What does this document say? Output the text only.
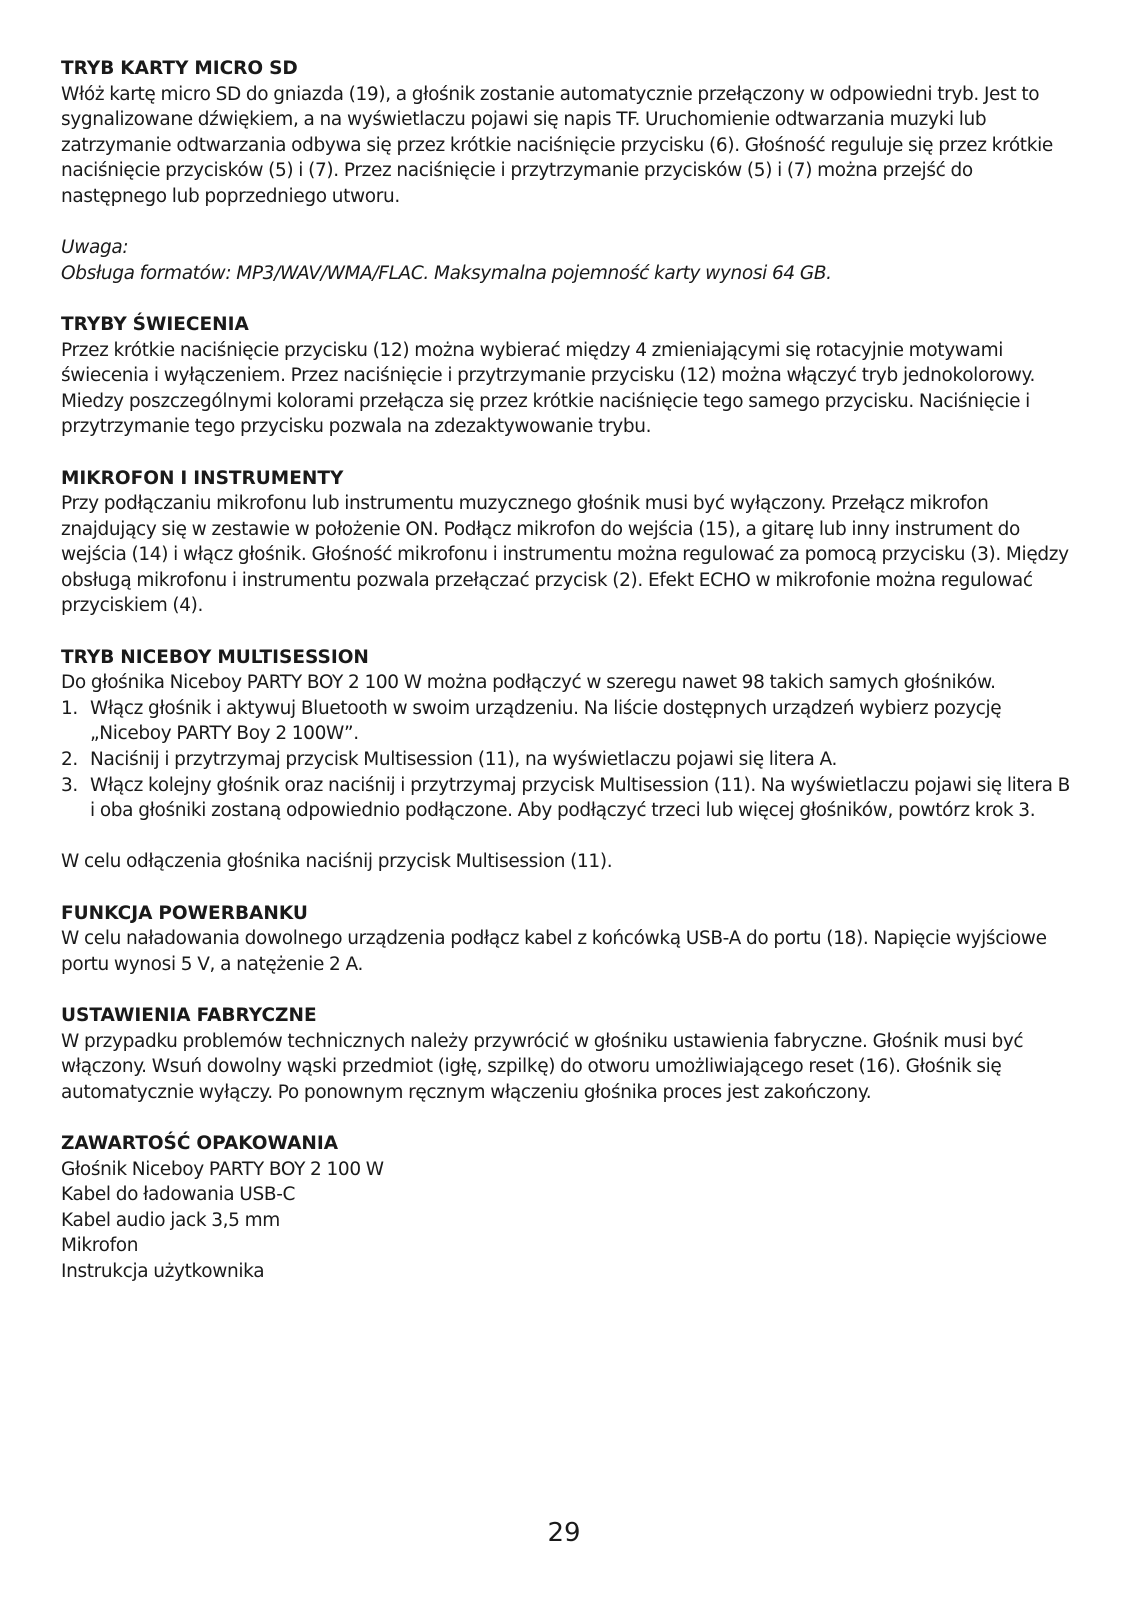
TRYB KARTY MICRO SD

Włóż kartę micro SD do gniazda (19), a głośnik zostanie automatycznie przełączony w odpowiedni tryb. Jest to sygnalizowane dźwiękiem, a na wyświetlaczu pojawi się napis TF. Uruchomienie odtwarzania muzyki lub zatrzymanie odtwarzania odbywa się przez krótkie naciśnięcie przycisku (6). Głośność reguluje się przez krótkie naciśnięcie przycisków (5) i (7). Przez naciśnięcie i przytrzymanie przycisków (5) i (7) można przejść do następnego lub poprzedniego utworu.

Uwaga:

Obsługa formatów: MP3/WAV/WMA/FLAC. Maksymalna pojemność karty wynosi 64 GB.

TRYBY ŚWIECENIA

Przez krótkie naciśnięcie przycisku (12) można wybierać między 4 zmieniającymi się rotacyjnie motywami świecenia i wyłączeniem. Przez naciśnięcie i przytrzymanie przycisku (12) można włączyć tryb jednokolorowy. Miedzy poszczególnymi kolorami przełącza się przez krótkie naciśnięcie tego samego przycisku. Naciśnięcie i przytrzymanie tego przycisku pozwala na zdezaktywowanie trybu.

MIKROFON I INSTRUMENTY

Przy podłączaniu mikrofonu lub instrumentu muzycznego głośnik musi być wyłączony. Przełącz mikrofon znajdujący się w zestawie w położenie ON. Podłącz mikrofon do wejścia (15), a gitarę lub inny instrument do wejścia (14) i włącz głośnik. Głośność mikrofonu i instrumentu można regulować za pomocą przycisku (3). Między obsługą mikrofonu i instrumentu pozwala przełączać przycisk (2). Efekt ECHO w mikrofonie można regulować przyciskiem (4).

TRYB NICEBOY MULTISESSION

Do głośnika Niceboy PARTY BOY 2 100 W można podłączyć w szeregu nawet 98 takich samych głośników.

1. Włącz głośnik i aktywuj Bluetooth w swoim urządzeniu. Na liście dostępnych urządzeń wybierz pozycję „Niceboy PARTY Boy 2 100W”.
2. Naciśnij i przytrzymaj przycisk Multisession (11), na wyświetlaczu pojawi się litera A.
3. Włącz kolejny głośnik oraz naciśnij i przytrzymaj przycisk Multisession (11). Na wyświetlaczu pojawi się litera B i oba głośniki zostaną odpowiednio podłączone. Aby podłączyć trzeci lub więcej głośników, powtórz krok 3.

W celu odłączenia głośnika naciśnij przycisk Multisession (11).

FUNKCJA POWERBANKU

W celu naładowania dowolnego urządzenia podłącz kabel z końcówką USB-A do portu (18). Napięcie wyjściowe portu wynosi 5 V, a natężenie 2 A.

USTAWIENIA FABRYCZNE

W przypadku problemów technicznych należy przywrócić w głośniku ustawienia fabryczne. Głośnik musi być włączony. Wsuń dowolny wąski przedmiot (igłę, szpilkę) do otworu umożliwiającego reset (16). Głośnik się automatycznie wyłączy. Po ponownym ręcznym włączeniu głośnika proces jest zakończony.

ZAWARTOŚĆ OPAKOWANIA

Głośnik Niceboy PARTY BOY 2 100 W
Kabel do ładowania USB-C
Kabel audio jack 3,5 mm
Mikrofon
Instrukcja użytkownika
29
